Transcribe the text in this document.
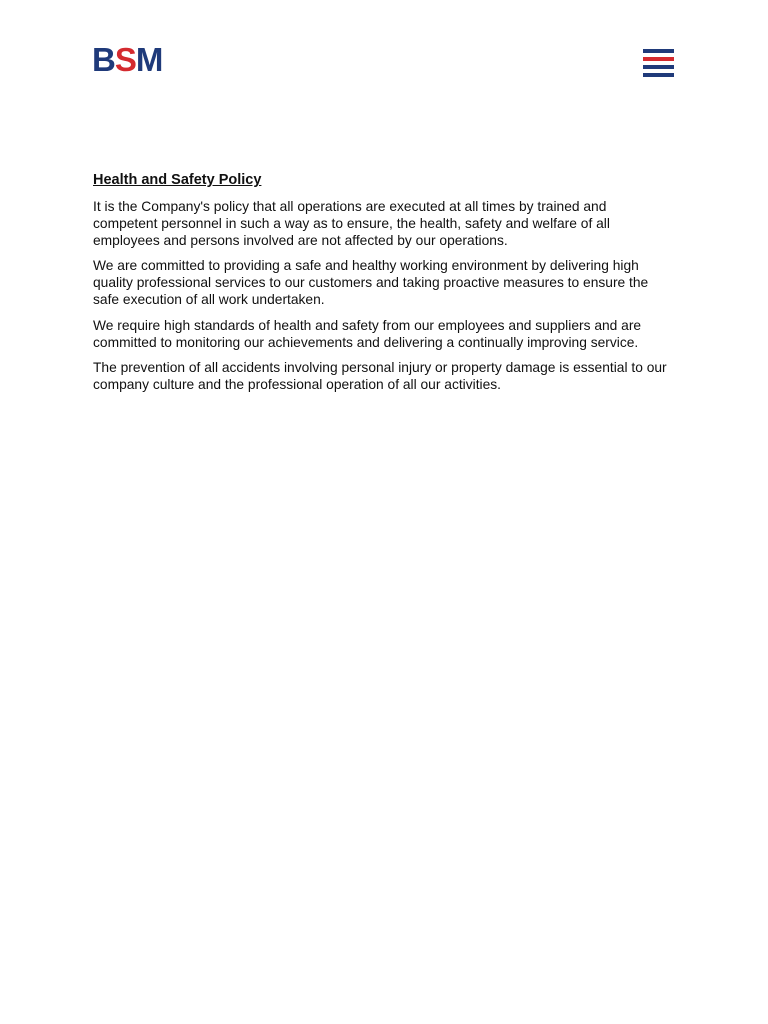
BSM
Health and Safety Policy

It is the Company's policy that all operations are executed at all times by trained and competent personnel in such a way as to ensure, the health, safety and welfare of all employees and persons involved are not affected by our operations.

We are committed to providing a safe and healthy working environment by delivering high quality professional services to our customers and taking proactive measures to ensure the safe execution of all work undertaken.

We require high standards of health and safety from our employees and suppliers and are committed to monitoring our achievements and delivering a continually improving service.

The prevention of all accidents involving personal injury or property damage is essential to our company culture and the professional operation of all our activities.
